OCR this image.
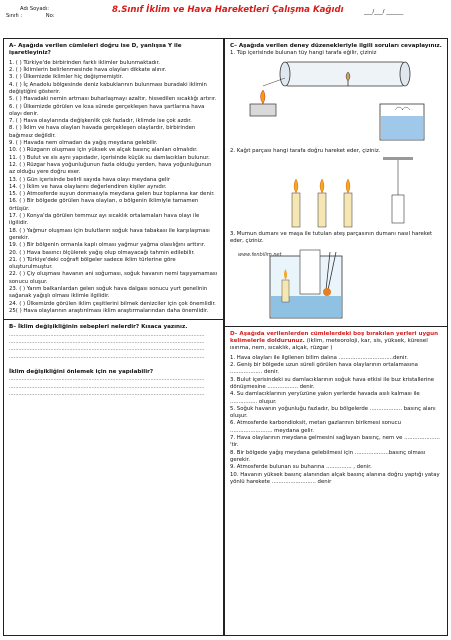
Adı Soyadı:
Sınıfı :	No:
8.Sınıf İklim ve Hava Hareketleri Çalışma Kağıdı	___/___/ ______
A– Aşağıda verilen cümleleri doğru ise D, yanlışsa Y ile işaretleyiniz?
1. ( ) Türkiye'de birbirinden farklı iklimler bulunmaktadır.
2. ( ) İklimlerin belirlenmesinde hava olayları dikkate alınır.
3. ( ) Ülkemizde iklimler hiç değişmemiştir.
4. ( ) İç Anadolu bölgesinde deniz kabuklarının bulunması buradaki iklimin değiştiğini gösterir.
5. ( ) Havadaki nemin artması buharlaşmayı azaltır, hissedilen sıcaklığı artırır.
6. ( ) Ülkemizde görülen ve kısa sürede gerçekleşen hava şartlarına hava olayı denir.
7. ( ) Hava olaylarında değişkenlik çok fazladır, iklimde ise çok azdır.
8. ( ) İklim ve hava olayları havada gerçekleşen olaylardır, birbirinden bağımsız değildir.
9. ( ) Havada nem olmadan da yağış meydana gelebilir.
10. ( ) Rüzgarın oluşması için yüksek ve alçak basınç alanları olmalıdır.
11. ( ) Bulut ve sis aynı yapıdadır, içerisinde küçük su damlacıkları bulunur.
12. ( ) Rüzgar hava yoğunluğunun fazla olduğu yerden, hava yoğunluğunun az olduğu yere doğru eser.
13. ( ) Gün içerisinde belirli sayıda hava olayı meydana gelir
14. ( ) İklim ve hava olaylarını değerlendiren kişiler aynıdır.
15. ( ) Atmosferde suyun donmasıyla meydana gelen buz toplarına kar denir.
16. ( ) Bir bölgede görülen hava olayları, o bölgenin iklimiyle tamamen örtüşür.
17. ( ) Konya'da görülen temmuz ayı sıcaklık ortalamaları hava olayı ile ilgilidir.
18. ( ) Yağmur oluşması için bulutların soğuk hava tabakası ile karşılaşması gerekir.
19. ( ) Bir bölgenin ormanla kaplı olması yağmur yağma olasılığını arttırır.
20. ( ) Hava basıncı ölçülerek yağış olup olmayacağı tahmin edilebilir.
21. ( ) Türkiye'deki coğrafi bölgeler sadece iklim türlerine göre oluşturulmuştur.
22. ( ) Çiy oluşması havanın ani soğuması, soğuk havanın nemi taşıyamaması sonucu oluşur.
23. ( ) Yarım balkanlardan gelen soğuk hava dalgası sonucu yurt genelinin sağanak yağışlı olması iklimle ilgilidir.
24. ( ) Ülkemizde görülen iklim çeşitlerini bilmek denizciler için çok önemlidir.
25( ) Hava olaylarının araştırılması iklim araştırmalarından daha önemlidir.
B– İklim değişikliğinin sebepleri nelerdir? Kısaca yazınız.
...........................................................................................................................
...........................................................................................................................
...........................................................................................................................
...........................................................................................................................
İklim değişikliğini önlemek için ne yapılabilir?
...........................................................................................................................
...........................................................................................................................
...........................................................................................................................
C– Aşağıda verilen deney düzenekleriyle ilgili soruları cevaplayınız.
1. Tüp içerisinde bulunan tüy hangi tarafa eğilir, çiziniz
2. Kağıt parçası hangi tarafa doğru hareket eder, çiziniz.
3. Mumun dumanı ve maşa ile tutulan ateş parçasının dumanı nasıl hareket eder, çiziniz.
www.fenbilim.net
D– Aşağıda verilenlerden cümlelerdeki boş bırakılan yerleri uygun kelimelerle doldurunuz. (iklim, meteoroloji, kar, sis, yüksek, küresel ısınma, nem, sıcaklık, alçak, rüzgar )
1. Hava olayları ile ilgilenen bilim dalına ................................denir.
2. Geniş bir bölgede uzun süreli görülen hava olaylarının ortalamasına ................... denir.
3. Bulut içerisindeki su damlacıklarının soğuk hava etkisi ile buz kristallerine dönüşmesine .................. denir.
4. Su damlacıklarının yeryüzüne yakın yerlerde havada asılı kalması ile ................ oluşur.
5. Soğuk havanın yoğunluğu fazladır, bu bölgelerde ................... basınç alanı oluşur.
6. Atmosferde karbondioksit, metan gazlarının birikmesi sonucu ......................... meydana gelir.
7. Hava olaylarının meydana gelmesini sağlayan basınç, nem ve ..................... 'tir.
8. Bir bölgede yağış meydana gelebilmesi için ....................basınç olması gerekir.
9. Atmosferde bulunan su buharına ............... , denir.
10. Havanın yüksek basınç alanından alçak basınç alanına doğru yaptığı yatay yönlü harekete .......................... denir
